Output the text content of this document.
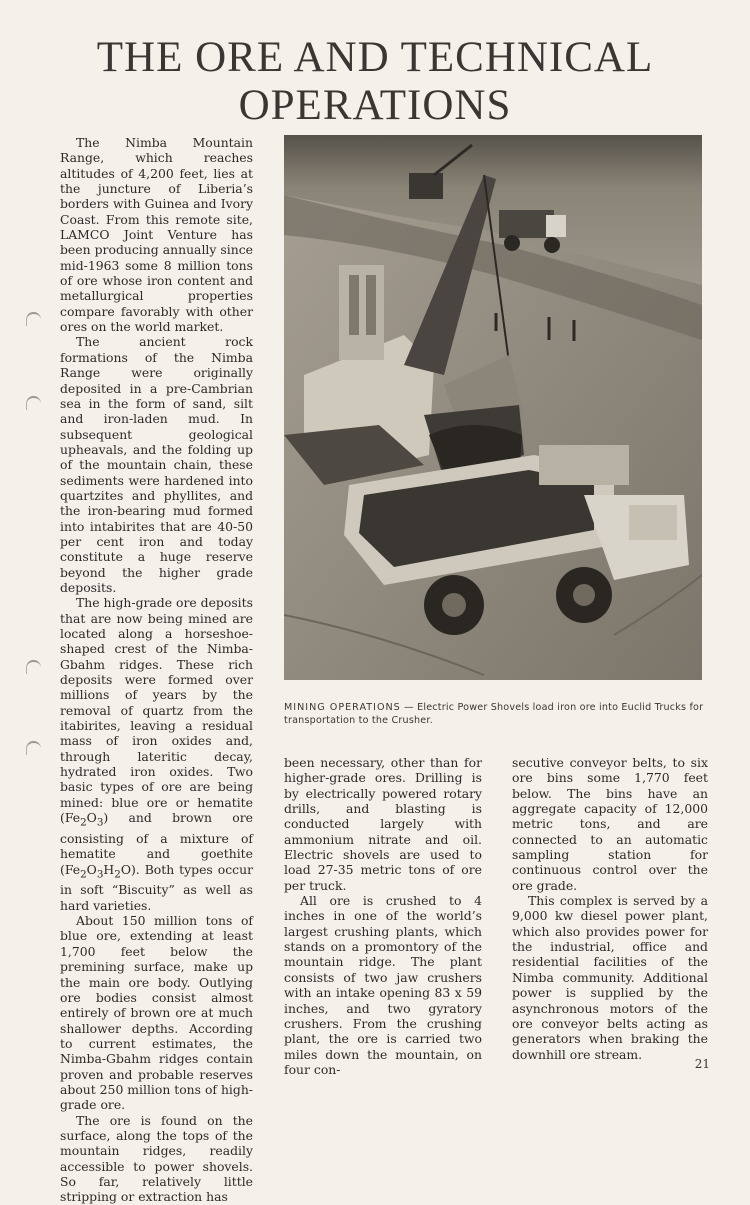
THE ORE AND TECHNICAL
OPERATIONS

The Nimba Mountain Range, which reaches altitudes of 4,200 feet, lies at the juncture of Liberia’s borders with Guinea and Ivory Coast. From this remote site, LAMCO Joint Venture has been producing annually since mid-1963 some 8 million tons of ore whose iron content and metallurgical properties compare favorably with other ores on the world market.

The ancient rock formations of the Nimba Range were originally deposited in a pre-Cambrian sea in the form of sand, silt and iron-laden mud. In subsequent geological upheavals, and the folding up of the mountain chain, these sediments were hardened into quartzites and phyllites, and the iron-bearing mud formed into intabirites that are 40-50 per cent iron and today constitute a huge reserve beyond the higher grade deposits.

The high-grade ore deposits that are now being mined are located along a horseshoe-shaped crest of the Nimba-Gbahm ridges. These rich deposits were formed over millions of years by the removal of quartz from the itabirites, leaving a residual mass of iron oxides and, through lateritic decay, hydrated iron oxides. Two basic types of ore are being mined: blue ore or hematite $(Fe_2O_3)$ and brown ore consisting of a mixture of hematite and goethite $(Fe_2O_3H_2O)$. Both types occur in soft “Biscuity” as well as hard varieties.

About 150 million tons of blue ore, extending at least 1,700 feet below the premining surface, make up the main ore body. Outlying ore bodies consist almost entirely of brown ore at much shallower depths. According to current estimates, the Nimba-Gbahm ridges contain proven and probable reserves about 250 million tons of high-grade ore.

The ore is found on the surface, along the tops of the mountain ridges, readily accessible to power shovels. So far, relatively little stripping or extraction has

MINING OPERATIONS — Electric Power Shovels load iron ore into Euclid Trucks for transportation to the Crusher.

been necessary, other than for higher-grade ores. Drilling is by electrically powered rotary drills, and blasting is conducted largely with ammonium nitrate and oil. Electric shovels are used to load 27-35 metric tons of ore per truck.

All ore is crushed to 4 inches in one of the world’s largest crushing plants, which stands on a promontory of the mountain ridge. The plant consists of two jaw crushers with an intake opening 83 x 59 inches, and two gyratory crushers. From the crushing plant, the ore is carried two miles down the mountain, on four con-

secutive conveyor belts, to six ore bins some 1,770 feet below. The bins have an aggregate capacity of 12,000 metric tons, and are connected to an automatic sampling station for continuous control over the ore grade.

This complex is served by a 9,000 kw diesel power plant, which also provides power for the industrial, office and residential facilities of the Nimba community. Additional power is supplied by the asynchronous motors of the ore conveyor belts acting as generators when braking the downhill ore stream.

21
